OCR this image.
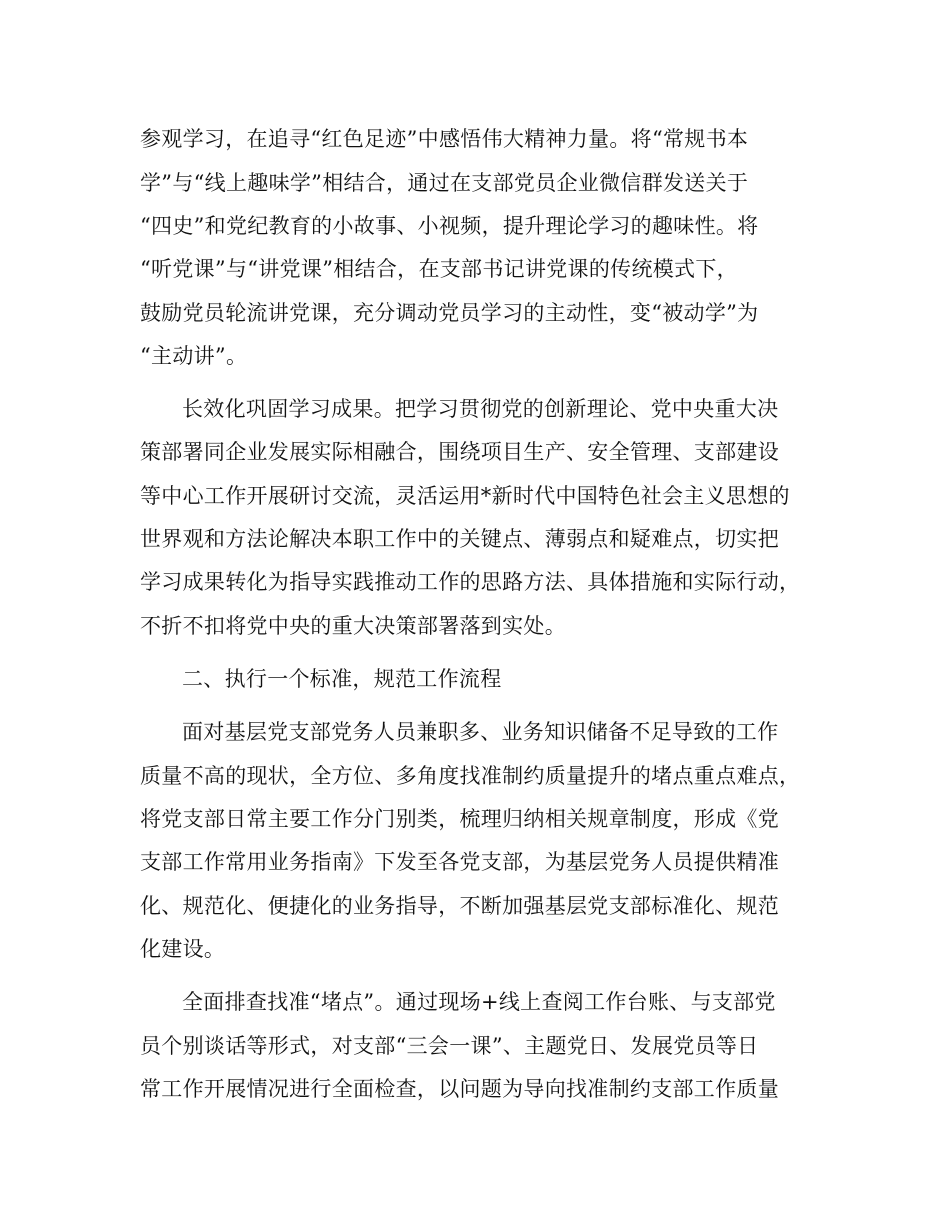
参观学习，在追寻“红色足迹”中感悟伟大精神力量。将“常规书本

学”与“线上趣味学”相结合，通过在支部党员企业微信群发送关于

“四史”和党纪教育的小故事、小视频，提升理论学习的趣味性。将

“听党课”与“讲党课”相结合，在支部书记讲党课的传统模式下，

鼓励党员轮流讲党课，充分调动党员学习的主动性，变“被动学”为

“主动讲”。

长效化巩固学习成果。把学习贯彻党的创新理论、党中央重大决

策部署同企业发展实际相融合，围绕项目生产、安全管理、支部建设

等中心工作开展研讨交流，灵活运用*新时代中国特色社会主义思想的

世界观和方法论解决本职工作中的关键点、薄弱点和疑难点，切实把

学习成果转化为指导实践推动工作的思路方法、具体措施和实际行动，

不折不扣将党中央的重大决策部署落到实处。

二、执行一个标准，规范工作流程

面对基层党支部党务人员兼职多、业务知识储备不足导致的工作

质量不高的现状，全方位、多角度找准制约质量提升的堵点重点难点，

将党支部日常主要工作分门别类，梳理归纳相关规章制度，形成《党

支部工作常用业务指南》下发至各党支部，为基层党务人员提供精准

化、规范化、便捷化的业务指导，不断加强基层党支部标准化、规范

化建设。

全面排查找准“堵点”。通过现场+线上查阅工作台账、与支部党

员个别谈话等形式，对支部“三会一课”、主题党日、发展党员等日

常工作开展情况进行全面检查，以问题为导向找准制约支部工作质量
